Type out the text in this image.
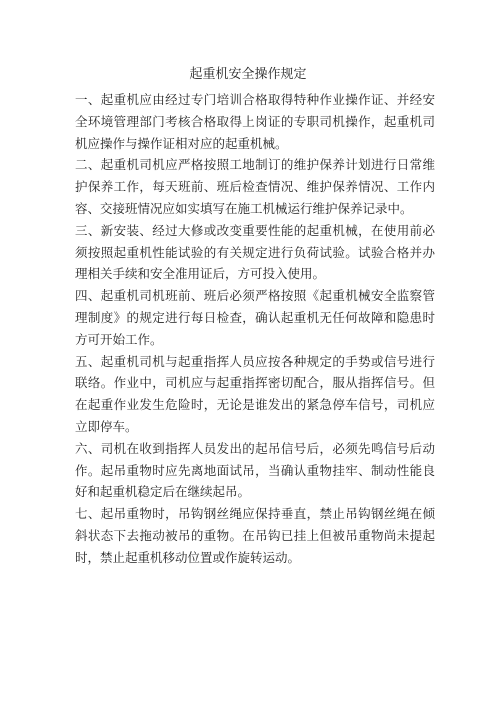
起重机安全操作规定

一、起重机应由经过专门培训合格取得特种作业操作证、并经安全环境管理部门考核合格取得上岗证的专职司机操作，起重机司机应操作与操作证相对应的起重机械。

二、起重机司机应严格按照工地制订的维护保养计划进行日常维护保养工作，每天班前、班后检查情况、维护保养情况、工作内容、交接班情况应如实填写在施工机械运行维护保养记录中。

三、新安装、经过大修或改变重要性能的起重机械，在使用前必须按照起重机性能试验的有关规定进行负荷试验。试验合格并办理相关手续和安全准用证后，方可投入使用。

四、起重机司机班前、班后必须严格按照《起重机械安全监察管理制度》的规定进行每日检查，确认起重机无任何故障和隐患时方可开始工作。

五、起重机司机与起重指挥人员应按各种规定的手势或信号进行联络。作业中，司机应与起重指挥密切配合，服从指挥信号。但在起重作业发生危险时，无论是谁发出的紧急停车信号，司机应立即停车。

六、司机在收到指挥人员发出的起吊信号后，必须先鸣信号后动作。起吊重物时应先离地面试吊，当确认重物挂牢、制动性能良好和起重机稳定后在继续起吊。

七、起吊重物时，吊钩钢丝绳应保持垂直，禁止吊钩钢丝绳在倾斜状态下去拖动被吊的重物。在吊钩已挂上但被吊重物尚未提起时，禁止起重机移动位置或作旋转运动。
